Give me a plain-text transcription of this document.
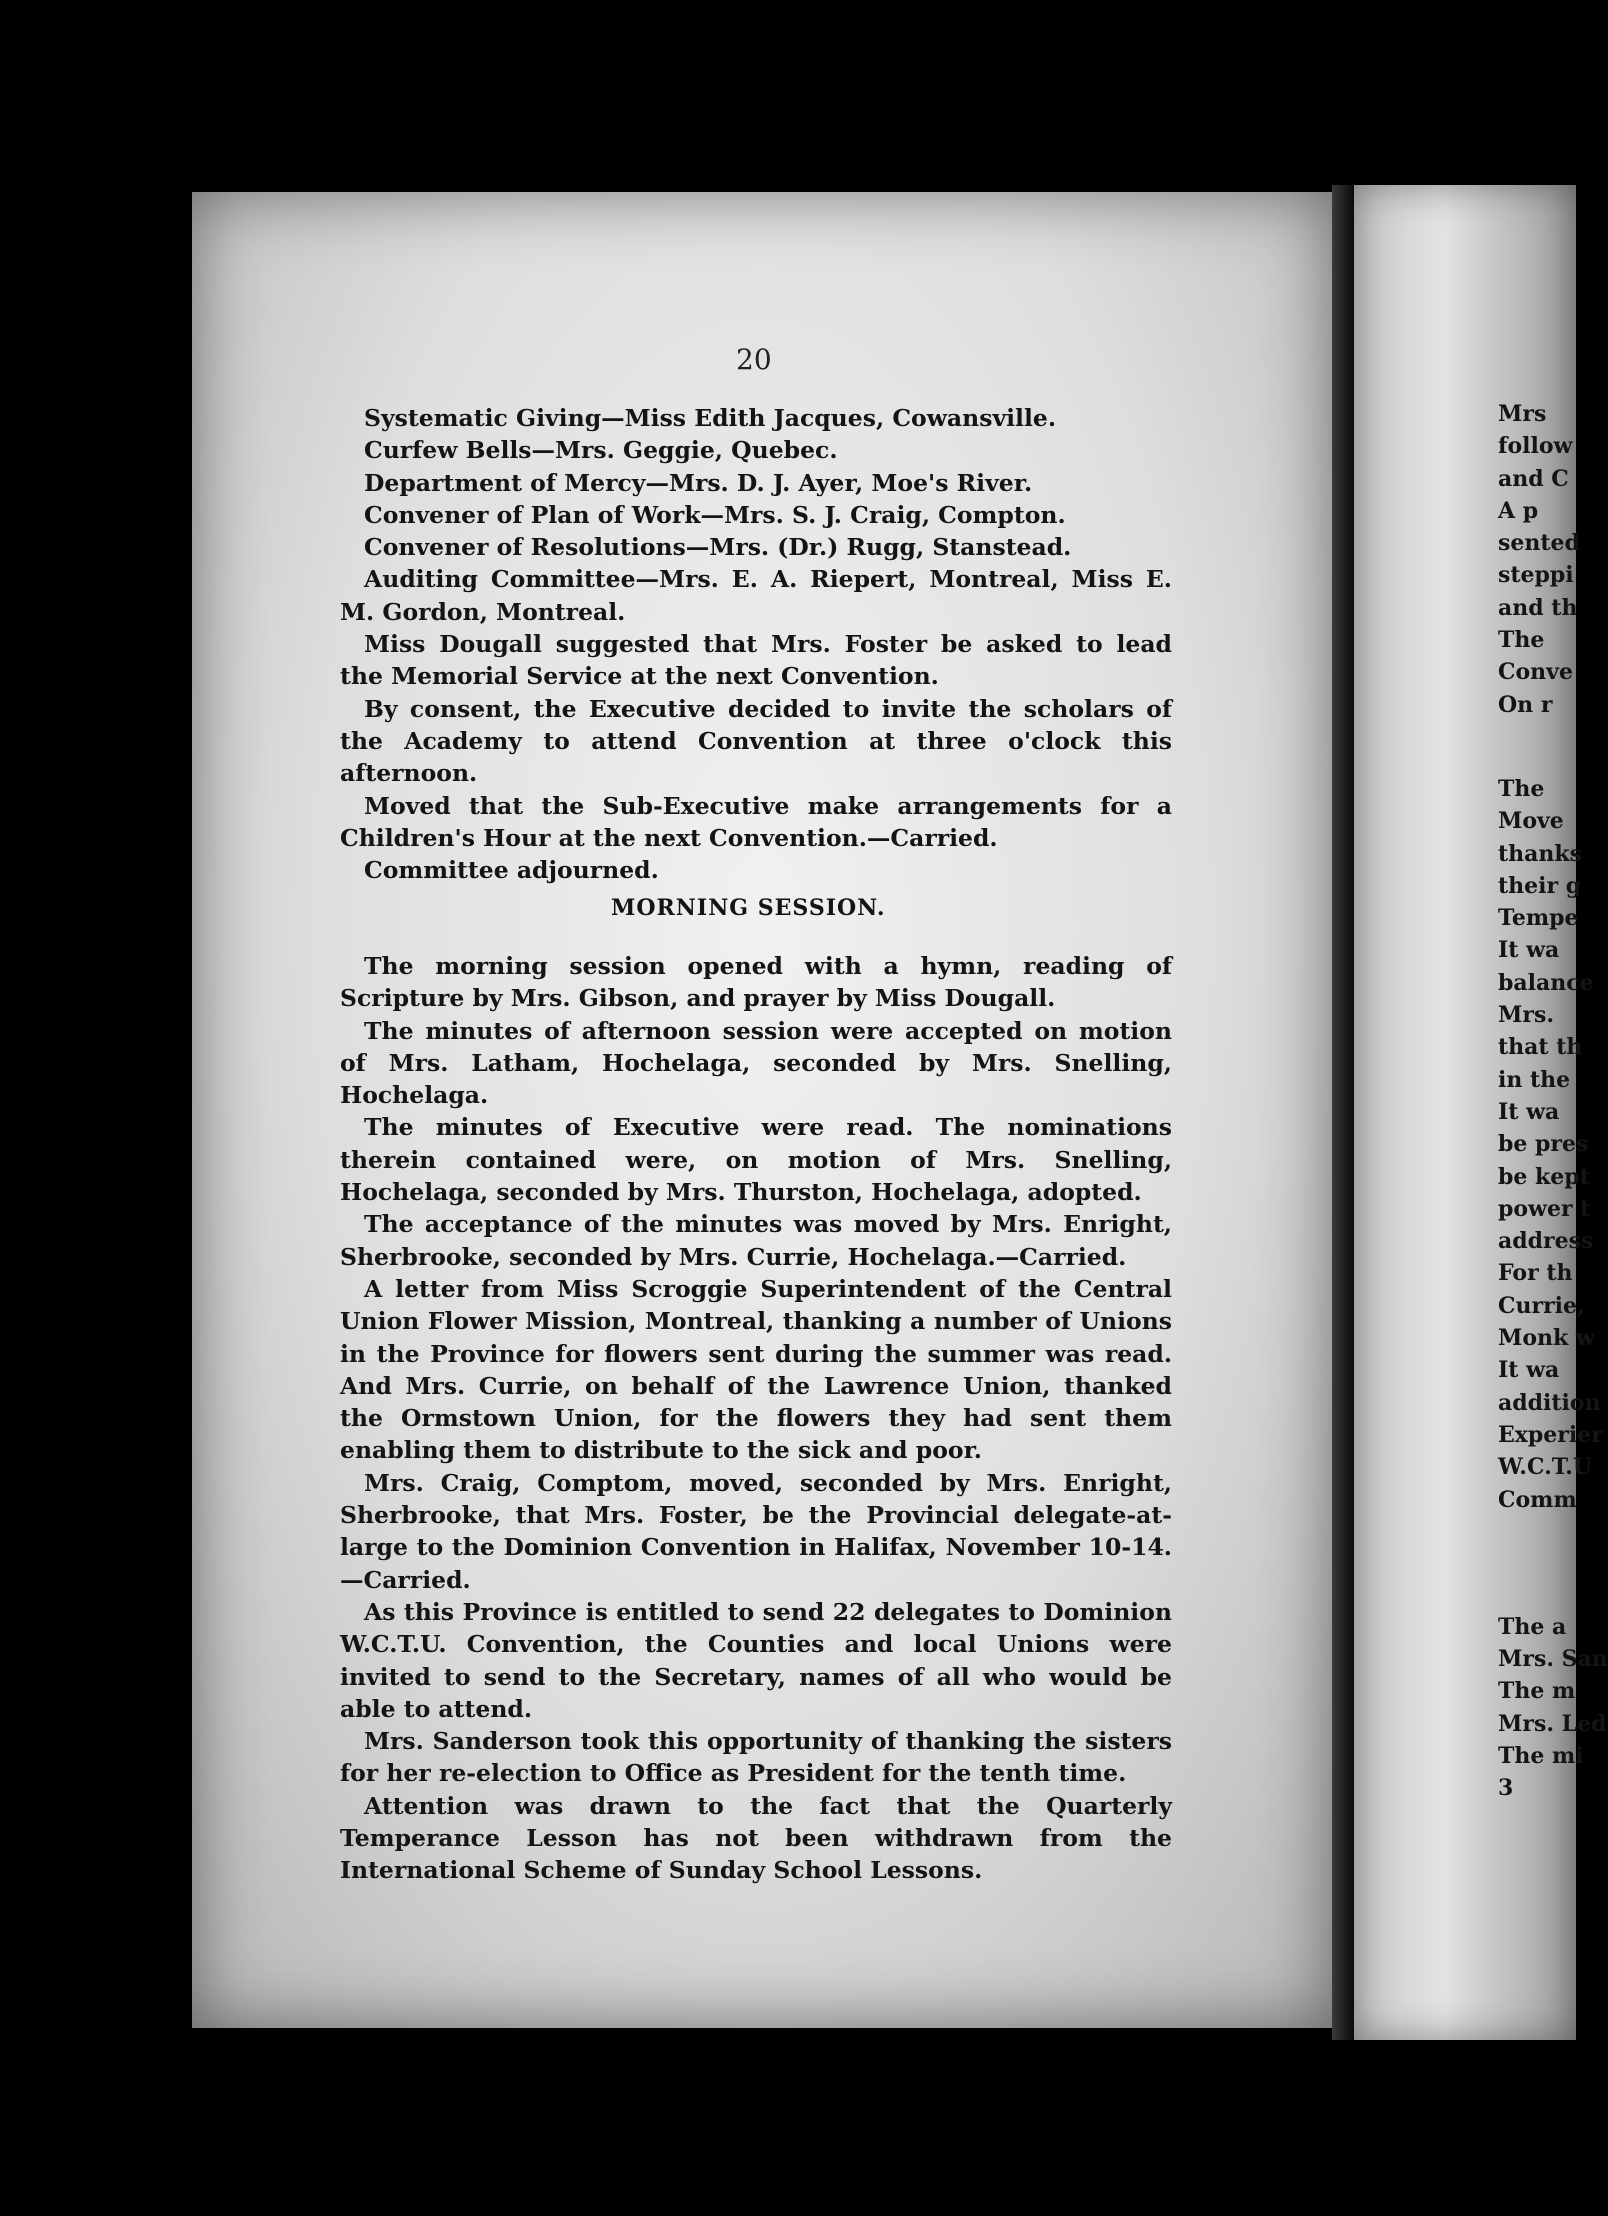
20

Systematic Giving—Miss Edith Jacques, Cowansville.

Curfew Bells—Mrs. Geggie, Quebec.

Department of Mercy—Mrs. D. J. Ayer, Moe's River.

Convener of Plan of Work—Mrs. S. J. Craig, Compton.

Convener of Resolutions—Mrs. (Dr.) Rugg, Stanstead.

Auditing Committee—Mrs. E. A. Riepert, Montreal, Miss E. M. Gordon, Montreal.

Miss Dougall suggested that Mrs. Foster be asked to lead the Memorial Service at the next Convention.

By consent, the Executive decided to invite the scholars of the Academy to attend Convention at three o'clock this afternoon.

Moved that the Sub-Executive make arrangements for a Children's Hour at the next Convention.—Carried.

Committee adjourned.

MORNING SESSION.

The morning session opened with a hymn, reading of Scripture by Mrs. Gibson, and prayer by Miss Dougall.

The minutes of afternoon session were accepted on motion of Mrs. Latham, Hochelaga, seconded by Mrs. Snelling, Hochelaga.

The minutes of Executive were read. The nominations therein contained were, on motion of Mrs. Snelling, Hochelaga, seconded by Mrs. Thurston, Hochelaga, adopted.

The acceptance of the minutes was moved by Mrs. Enright, Sherbrooke, seconded by Mrs. Currie, Hochelaga.—Carried.

A letter from Miss Scroggie Superintendent of the Central Union Flower Mission, Montreal, thanking a number of Unions in the Province for flowers sent during the summer was read. And Mrs. Currie, on behalf of the Lawrence Union, thanked the Ormstown Union, for the flowers they had sent them enabling them to distribute to the sick and poor.

Mrs. Craig, Comptom, moved, seconded by Mrs. Enright, Sherbrooke, that Mrs. Foster, be the Provincial delegate-at-large to the Dominion Convention in Halifax, November 10-14.—Carried.

As this Province is entitled to send 22 delegates to Dominion W.C.T.U. Convention, the Counties and local Unions were invited to send to the Secretary, names of all who would be able to attend.

Mrs. Sanderson took this opportunity of thanking the sisters for her re-election to Office as President for the tenth time.

Attention was drawn to the fact that the Quarterly Temperance Lesson has not been withdrawn from the International Scheme of Sunday School Lessons.

Mrs
follow
and C
A p
sented
steppi
and th
The
Conve
On r
The
Move
thanks
their g
Tempe
It wa
balance
Mrs.
that th
in the
It wa
be pres
be kept
power t
address
For th
Currie,
Monk w
It wa
addition
Experier
W.C.T.U
Comm
The a
Mrs. San
The m
Mrs. Led
The mi
3
